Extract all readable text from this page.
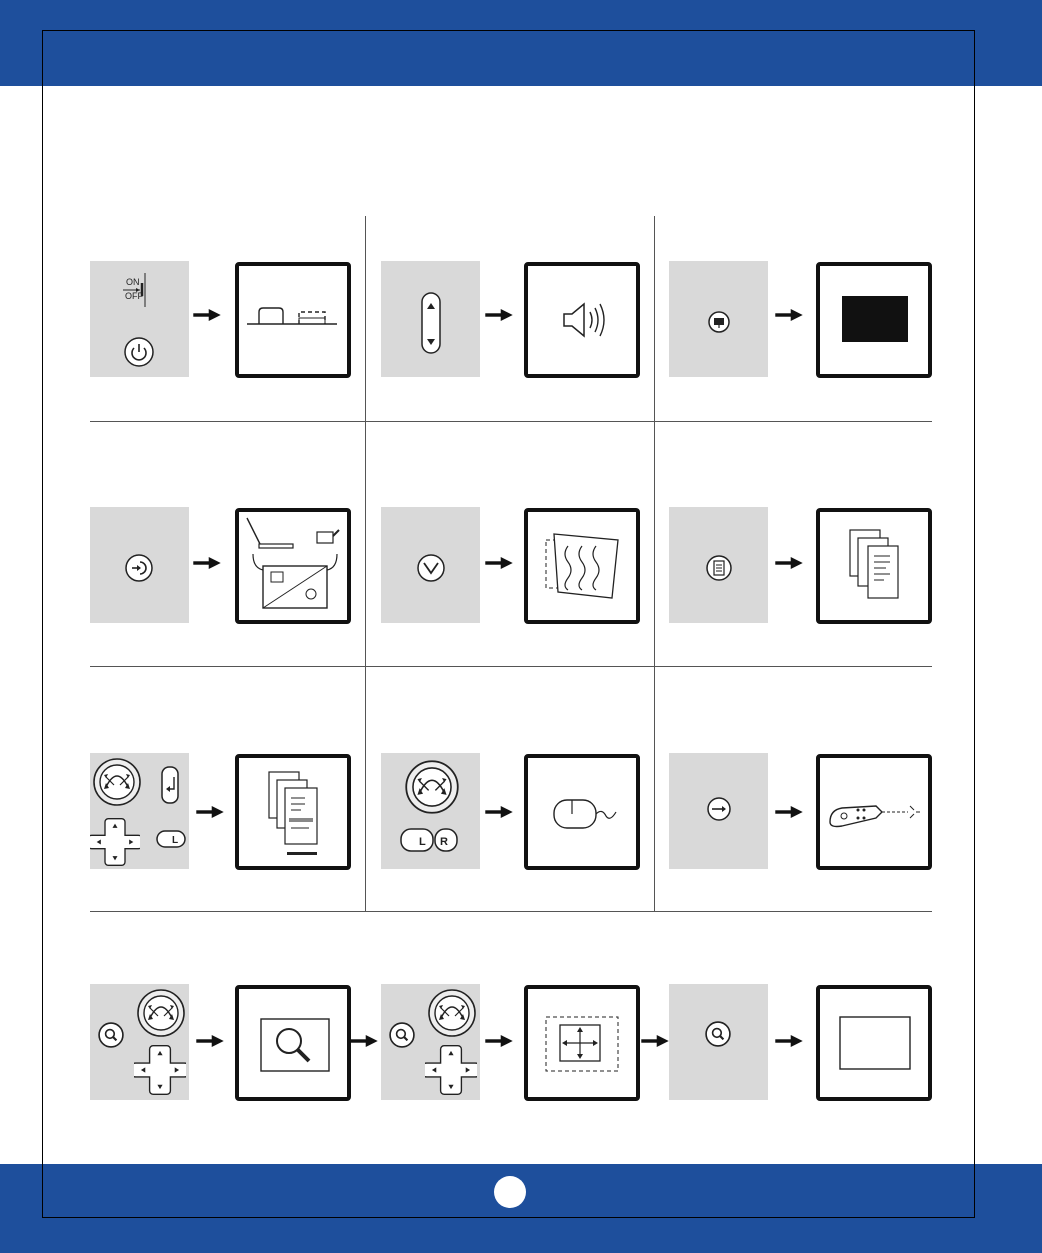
ON
OFF
L	L R
